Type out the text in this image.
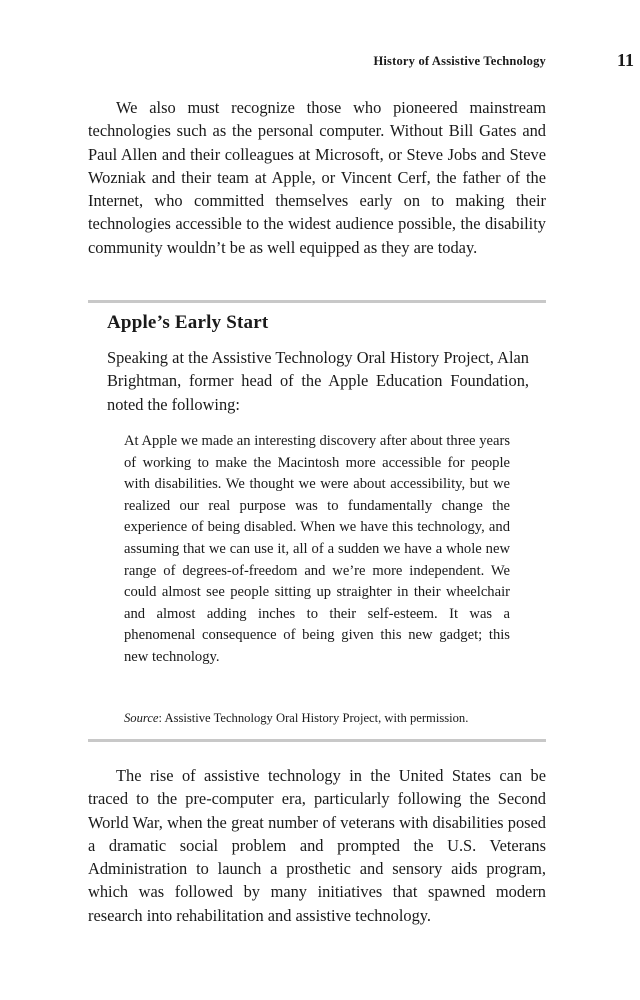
History of Assistive Technology	11

We also must recognize those who pioneered mainstream technologies such as the personal computer. Without Bill Gates and Paul Allen and their colleagues at Microsoft, or Steve Jobs and Steve Wozniak and their team at Apple, or Vincent Cerf, the father of the Internet, who committed themselves early on to making their technologies accessible to the widest audience possible, the disability community wouldn’t be as well equipped as they are today.

Apple’s Early Start

Speaking at the Assistive Technology Oral History Project, Alan Brightman, former head of the Apple Education Foundation, noted the following:

At Apple we made an interesting discovery after about three years of working to make the Macintosh more accessible for people with disabilities. We thought we were about accessibility, but we realized our real purpose was to fundamentally change the experience of being disabled. When we have this technology, and assuming that we can use it, all of a sudden we have a whole new range of degrees-of-freedom and we’re more independent. We could almost see people sitting up straighter in their wheelchair and almost adding inches to their self-esteem. It was a phenomenal consequence of being given this new gadget; this new technology.

Source: Assistive Technology Oral History Project, with permission.

The rise of assistive technology in the United States can be traced to the pre-computer era, particularly following the Second World War, when the great number of veterans with disabilities posed a dramatic social problem and prompted the U.S. Veterans Administration to launch a prosthetic and sensory aids program, which was followed by many initiatives that spawned modern research into rehabilitation and assistive technology.
